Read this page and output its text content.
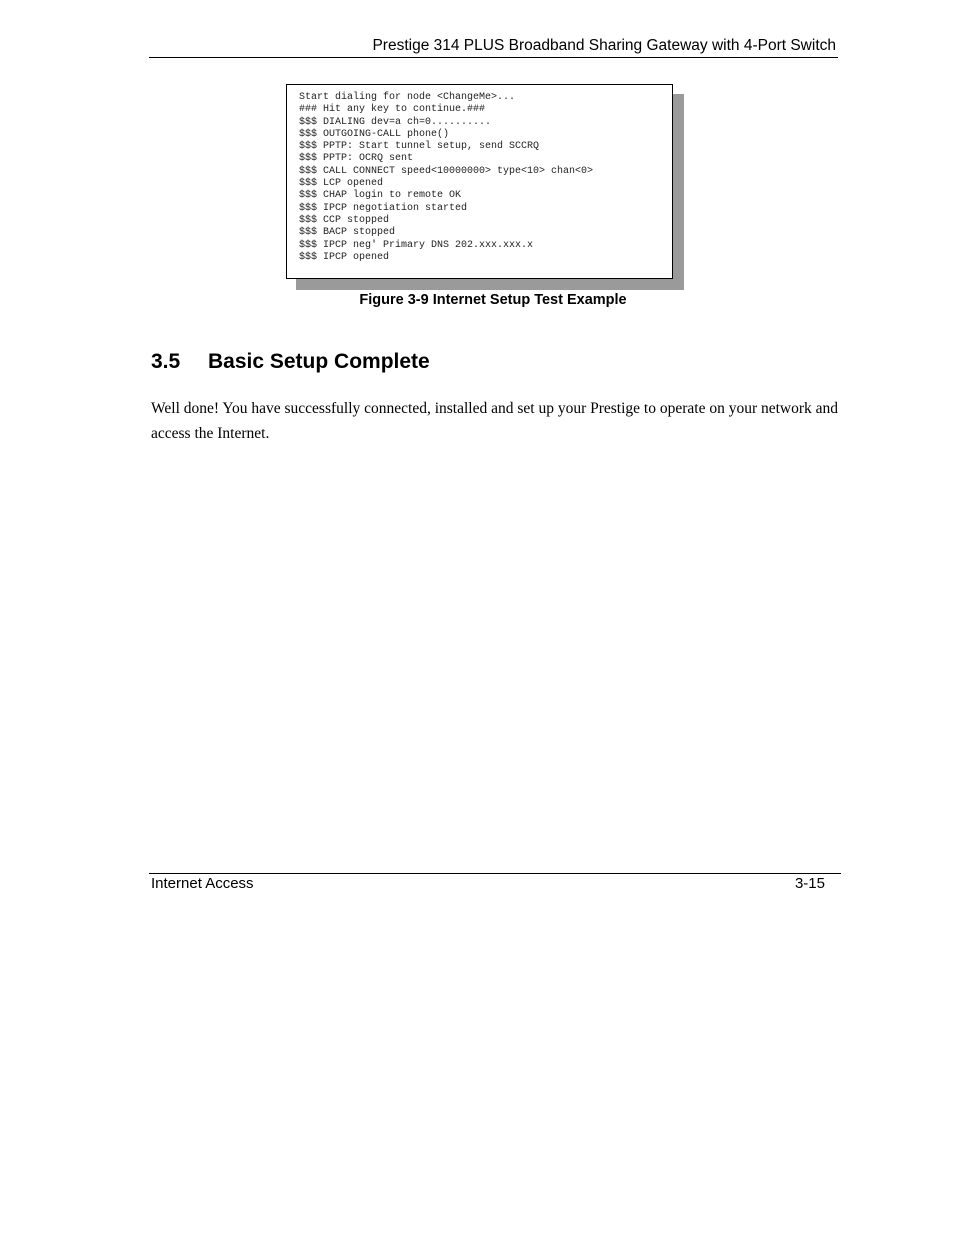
Prestige 314 PLUS Broadband Sharing Gateway with 4-Port Switch
Start dialing for node <ChangeMe>...
### Hit any key to continue.###
$$$ DIALING dev=a ch=0..........
$$$ OUTGOING-CALL phone()
$$$ PPTP: Start tunnel setup, send SCCRQ
$$$ PPTP: OCRQ sent
$$$ CALL CONNECT speed<10000000> type<10> chan<0>
$$$ LCP opened
$$$ CHAP login to remote OK
$$$ IPCP negotiation started
$$$ CCP stopped
$$$ BACP stopped
$$$ IPCP neg' Primary DNS 202.xxx.xxx.x
$$$ IPCP opened
Figure 3-9 Internet Setup Test Example
3.5 Basic Setup Complete
Well done! You have successfully connected, installed and set up your Prestige to operate on your network and access the Internet.
Internet Access	3-15
